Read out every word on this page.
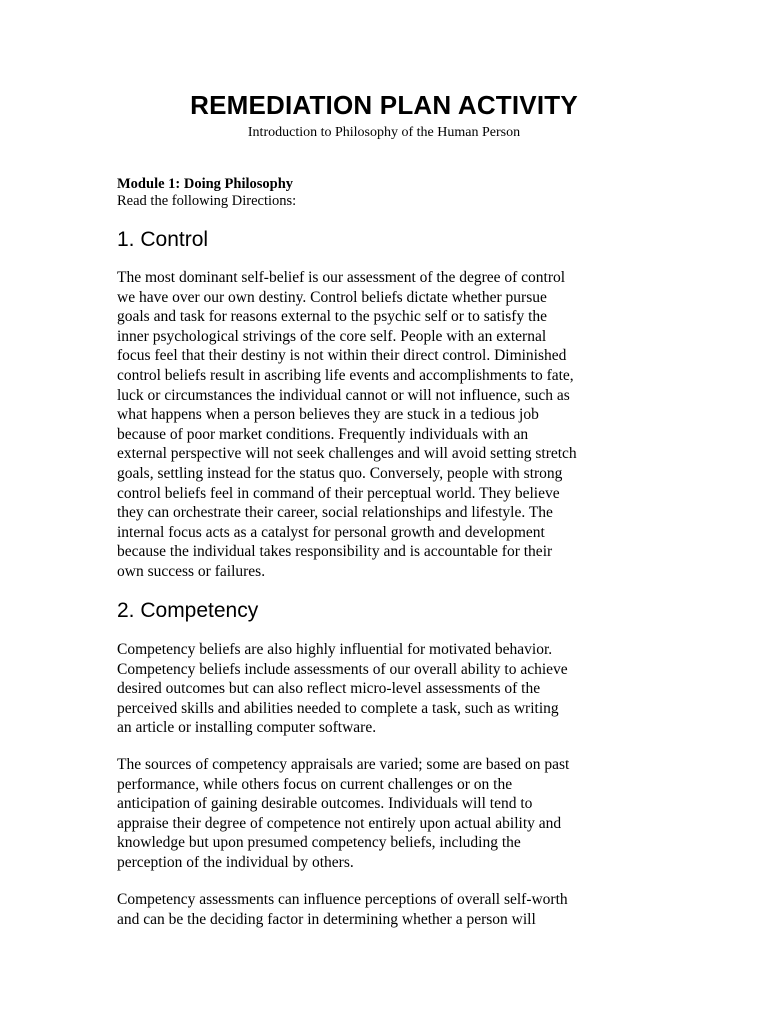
REMEDIATION PLAN ACTIVITY
Introduction to Philosophy of the Human Person
Module 1: Doing Philosophy
Read the following Directions:
1. Control
The most dominant self-belief is our assessment of the degree of control
we have over our own destiny. Control beliefs dictate whether pursue
goals and task for reasons external to the psychic self or to satisfy the
inner psychological strivings of the core self. People with an external
focus feel that their destiny is not within their direct control. Diminished
control beliefs result in ascribing life events and accomplishments to fate,
luck or circumstances the individual cannot or will not influence, such as
what happens when a person believes they are stuck in a tedious job
because of poor market conditions. Frequently individuals with an
external perspective will not seek challenges and will avoid setting stretch
goals, settling instead for the status quo. Conversely, people with strong
control beliefs feel in command of their perceptual world. They believe
they can orchestrate their career, social relationships and lifestyle. The
internal focus acts as a catalyst for personal growth and development
because the individual takes responsibility and is accountable for their
own success or failures.
2. Competency
Competency beliefs are also highly influential for motivated behavior.
Competency beliefs include assessments of our overall ability to achieve
desired outcomes but can also reflect micro-level assessments of the
perceived skills and abilities needed to complete a task, such as writing
an article or installing computer software.
The sources of competency appraisals are varied; some are based on past
performance, while others focus on current challenges or on the
anticipation of gaining desirable outcomes. Individuals will tend to
appraise their degree of competence not entirely upon actual ability and
knowledge but upon presumed competency beliefs, including the
perception of the individual by others.
Competency assessments can influence perceptions of overall self-worth
and can be the deciding factor in determining whether a person will
